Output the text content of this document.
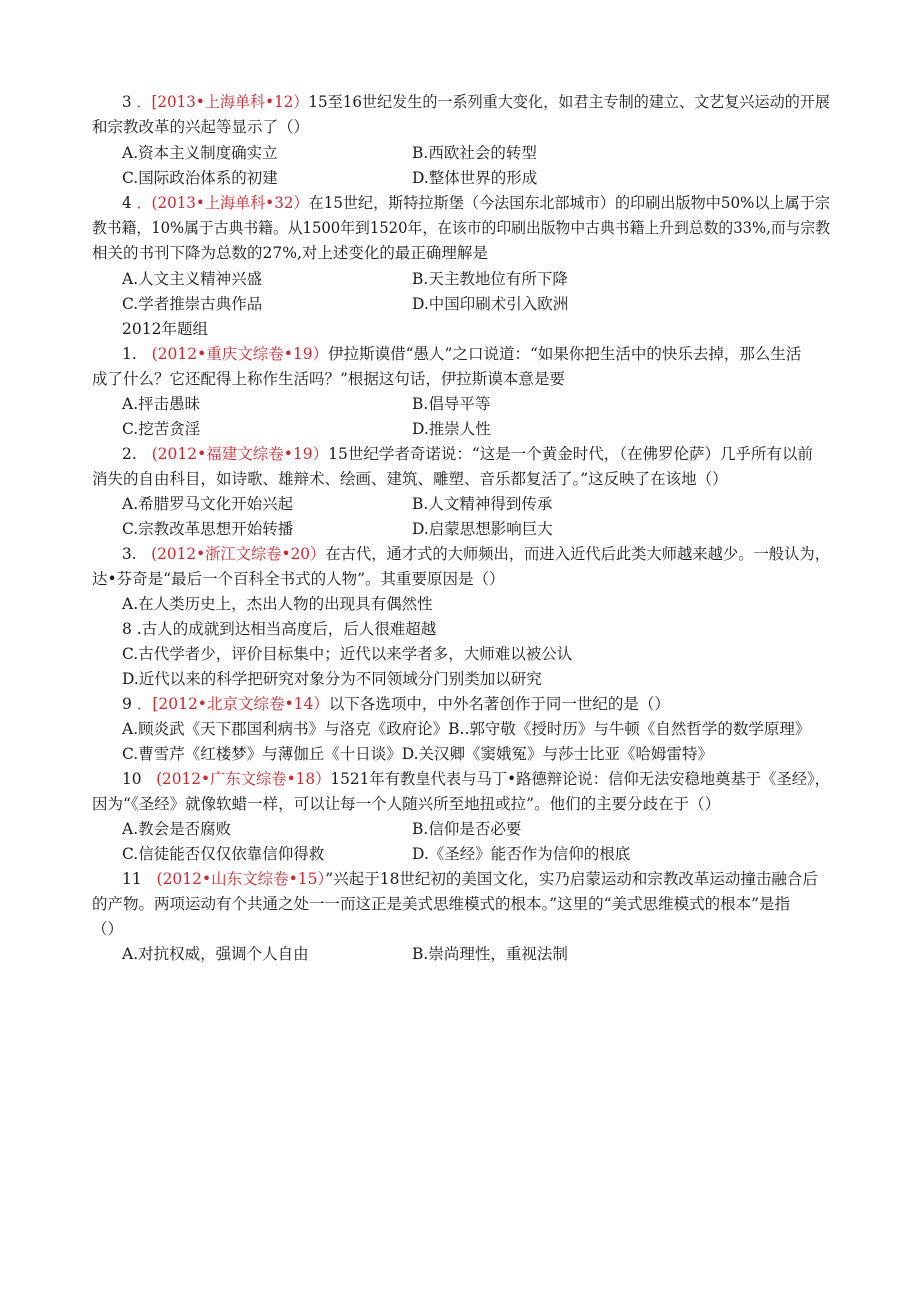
3 ．[2013•上海单科•12）15至16世纪发生的一系列重大变化，如君主专制的建立、文艺复兴运动的开展
和宗教改革的兴起等显示了（）
A.资本主义制度确实立	B.西欧社会的转型
C.国际政治体系的初建	D.整体世界的形成
4 ．(2013•上海单科•32）在15世纪，斯特拉斯堡（今法国东北部城市）的印刷出版物中50%以上属于宗
教书籍，10%属于古典书籍。从1500年到1520年，在该市的印刷出版物中古典书籍上升到总数的33%,而与宗教
相关的书刊下降为总数的27%,对上述变化的最正确理解是
A.人文主义精神兴盛	B.天主教地位有所下降
C.学者推崇古典作品	D.中国印刷术引入欧洲
2012年题组
1. (2012•重庆文综卷•19）伊拉斯谟借“愚人”之口说道：“如果你把生活中的快乐去掉，那么生活
成了什么？它还配得上称作生活吗？”根据这句话，伊拉斯谟本意是要
A.抨击愚昧	B.倡导平等
C.挖苦贪淫	D.推崇人性
2. (2012•福建文综卷•19）15世纪学者奇诺说：“这是一个黄金时代，（在佛罗伦萨）几乎所有以前
消失的自由科目，如诗歌、雄辩术、绘画、建筑、雕塑、音乐都复活了。”这反映了在该地（）
A.希腊罗马文化开始兴起	B.人文精神得到传承
C.宗教改革思想开始转播	D.启蒙思想影响巨大
3. (2012•浙江文综卷•20）在古代，通才式的大师频出，而进入近代后此类大师越来越少。一般认为，
达•芬奇是“最后一个百科全书式的人物”。其重要原因是（）
A.在人类历史上，杰出人物的出现具有偶然性
8 .古人的成就到达相当高度后，后人很难超越
C.古代学者少，评价目标集中；近代以来学者多，大师难以被公认
D.近代以来的科学把研究对象分为不同领域分门别类加以研究
9 ．[2012•北京文综卷•14）以下各选项中，中外名著创作于同一世纪的是（）
A.顾炎武《天下郡国利病书》与洛克《政府论》B..郭守敬《授时历》与牛顿《自然哲学的数学原理》
C.曹雪芹《红楼梦》与薄伽丘《十日谈》D.关汉卿《窦娥冤》与莎士比亚《哈姆雷特》
10 (2012•广东文综卷•18）1521年有教皇代表与马丁•路德辩论说：信仰无法安稳地奠基于《圣经》，
因为“《圣经》就像软蜡一样，可以让每一个人随兴所至地扭或拉”。他们的主要分歧在于（）
A.教会是否腐败	B.信仰是否必要
C.信徒能否仅仅依靠信仰得救	D.《圣经》能否作为信仰的根底
11 (2012•山东文综卷•15）”兴起于18世纪初的美国文化，实乃启蒙运动和宗教改革运动撞击融合后
的产物。两项运动有个共通之处一一而这正是美式思维模式的根本。”这里的“美式思维模式的根本”是指
（）
A.对抗权威，强调个人自由	B.崇尚理性，重视法制
